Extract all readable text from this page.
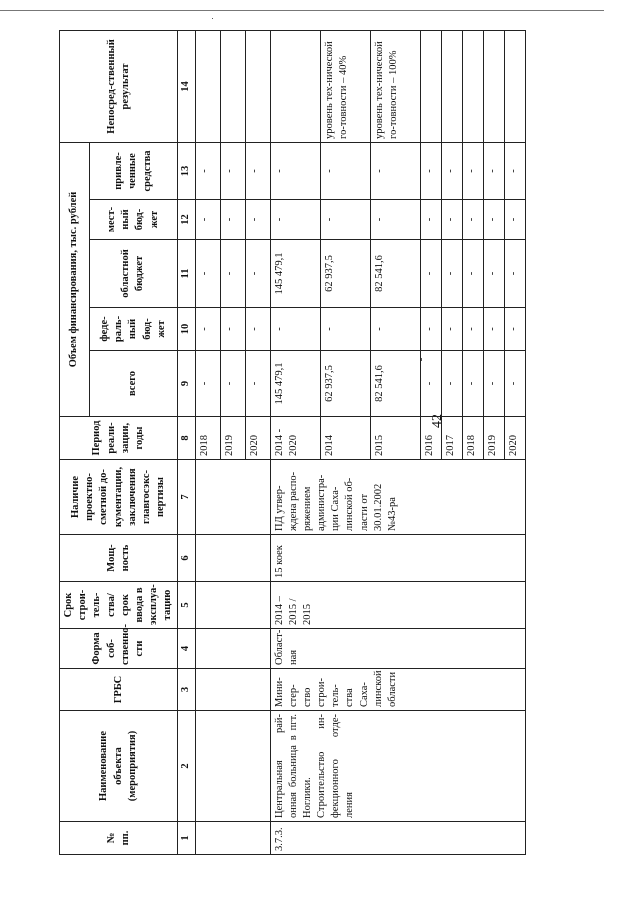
42
№ пп.	Наименование объекта (мероприятия)	ГРБС	Форма соб-ственно-сти	Срок строи-тель-ства/срок ввода в эксплуа-тацию	Мощ-ность	Наличие проектно-сметной до-кументации, заключения главгосэкс-пертизы	Период реали-зации, годы	Объем финансирования, тыс. рублей					Непосред-ственный результат
								всего	феде-раль-ный бюд-жет	областной бюджет	мест-ный бюд-жет	привле-ченные средства	
1	2	3	4	5	6	7	8	9	10	11	12	13	14
							2018	-	-	-	-	-	
							2019	-	-	-	-	-	
							2020	-	-	-	-	-	
3.7.3.	Центральная рай-онная больница в пгт. Ноглики. Строительство ин-фекционного отде-ления	Мини-стер-ство строи-тель-ства Саха-линской области	Област-ная	2014 – 2015 / 2015	15 коек	ПД утвер-ждена распо-ряжением администра-ции Саха-линской об-ласти от 30.01.2002 №43-ра	2014 - 2020	145 479,1	-	145 479,1	-	-	
							2014	62 937,5	-	62 937,5	-	-	уровень тех-нической го-товности – 40%
							2015	82 541,6	-	82 541,6	-	-	уровень тех-нической го-товности – 100%
							2016	-	-	-	-	-	
							2017	-	-	-	-	-	
							2018	-	-	-	-	-	
							2019	-	-	-	-	-	
							2020	-	-	-	-	-	
